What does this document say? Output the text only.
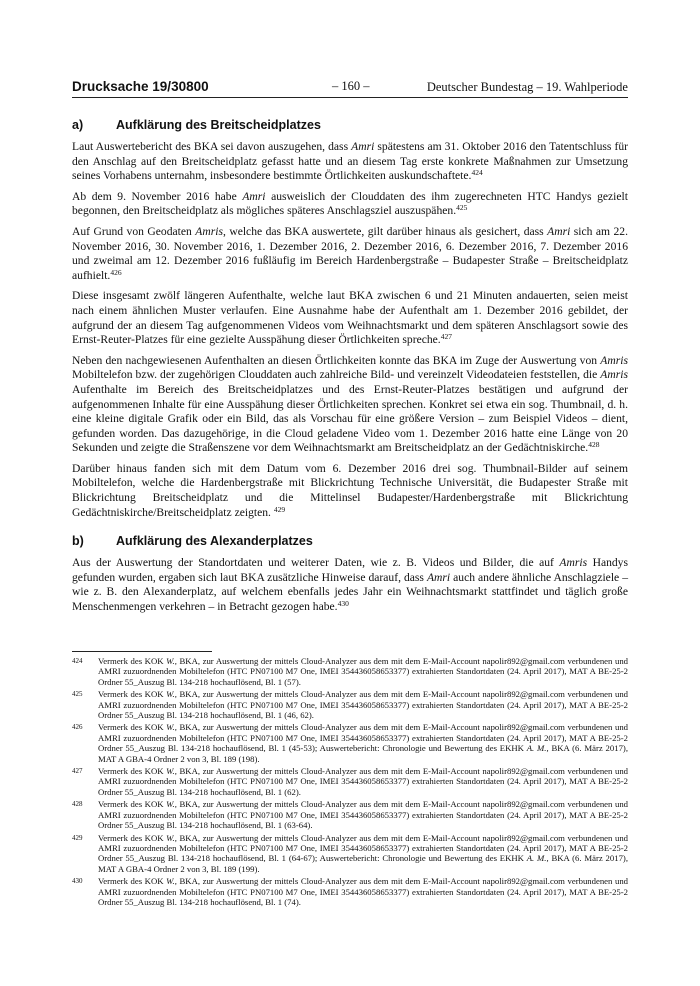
Drucksache 19/30800	– 160 –	Deutscher Bundestag – 19. Wahlperiode
a)	Aufklärung des Breitscheidplatzes

Laut Auswertebericht des BKA sei davon auszugehen, dass Amri spätestens am 31. Oktober 2016 den Tatentschluss für den Anschlag auf den Breitscheidplatz gefasst hatte und an diesem Tag erste konkrete Maßnahmen zur Umsetzung seines Vorhabens unternahm, insbesondere bestimmte Örtlichkeiten auskundschaftete.$^{424}$

Ab dem 9. November 2016 habe Amri ausweislich der Clouddaten des ihm zugerechneten HTC Handys gezielt begonnen, den Breitscheidplatz als mögliches späteres Anschlagsziel auszuspähen.$^{425}$

Auf Grund von Geodaten Amris, welche das BKA auswertete, gilt darüber hinaus als gesichert, dass Amri sich am 22. November 2016, 30. November 2016, 1. Dezember 2016, 2. Dezember 2016, 6. Dezember 2016, 7. Dezember 2016 und zweimal am 12. Dezember 2016 fußläufig im Bereich Hardenbergstraße – Budapester Straße – Breitscheidplatz aufhielt.$^{426}$

Diese insgesamt zwölf längeren Aufenthalte, welche laut BKA zwischen 6 und 21 Minuten andauerten, seien meist nach einem ähnlichen Muster verlaufen. Eine Ausnahme habe der Aufenthalt am 1. Dezember 2016 gebildet, der aufgrund der an diesem Tag aufgenommenen Videos vom Weihnachtsmarkt und dem späteren Anschlagsort sowie des Ernst-Reuter-Platzes für eine gezielte Ausspähung dieser Örtlichkeiten spreche.$^{427}$

Neben den nachgewiesenen Aufenthalten an diesen Örtlichkeiten konnte das BKA im Zuge der Auswertung von Amris Mobiltelefon bzw. der zugehörigen Clouddaten auch zahlreiche Bild- und vereinzelt Videodateien feststellen, die Amris Aufenthalte im Bereich des Breitscheidplatzes und des Ernst-Reuter-Platzes bestätigen und aufgrund der aufgenommenen Inhalte für eine Ausspähung dieser Örtlichkeiten sprechen. Konkret sei etwa ein sog. Thumbnail, d. h. eine kleine digitale Grafik oder ein Bild, das als Vorschau für eine größere Version – zum Beispiel Videos – dient, gefunden worden. Das dazugehörige, in die Cloud geladene Video vom 1. Dezember 2016 hatte eine Länge von 20 Sekunden und zeigte die Straßenszene vor dem Weihnachtsmarkt am Breitscheidplatz an der Gedächtniskirche.$^{428}$

Darüber hinaus fanden sich mit dem Datum vom 6. Dezember 2016 drei sog. Thumbnail-Bilder auf seinem Mobiltelefon, welche die Hardenbergstraße mit Blickrichtung Technische Universität, die Budapester Straße mit Blickrichtung Breitscheidplatz und die Mittelinsel Budapester/Hardenbergstraße mit Blickrichtung Gedächtniskirche/Breitscheidplatz zeigten. $^{429}$

b)	Aufklärung des Alexanderplatzes

Aus der Auswertung der Standortdaten und weiterer Daten, wie z. B. Videos und Bilder, die auf Amris Handys gefunden wurden, ergaben sich laut BKA zusätzliche Hinweise darauf, dass Amri auch andere ähnliche Anschlagziele – wie z. B. den Alexanderplatz, auf welchem ebenfalls jedes Jahr ein Weihnachtsmarkt stattfindet und täglich große Menschenmengen verkehren – in Betracht gezogen habe.$^{430}$

424	Vermerk des KOK W., BKA, zur Auswertung der mittels Cloud-Analyzer aus dem mit dem E-Mail-Account napolir892@gmail.com verbundenen und AMRI zuzuordnenden Mobiltelefon (HTC PN07100 M7 One, IMEI 354436058653377) extrahierten Standortdaten (24. April 2017), MAT A BE-25-2 Ordner 55_Auszug Bl. 134-218 hochauflösend, Bl. 1 (57).
425	Vermerk des KOK W., BKA, zur Auswertung der mittels Cloud-Analyzer aus dem mit dem E-Mail-Account napolir892@gmail.com verbundenen und AMRI zuzuordnenden Mobiltelefon (HTC PN07100 M7 One, IMEI 354436058653377) extrahierten Standortdaten (24. April 2017), MAT A BE-25-2 Ordner 55_Auszug Bl. 134-218 hochauflösend, Bl. 1 (46, 62).
426	Vermerk des KOK W., BKA, zur Auswertung der mittels Cloud-Analyzer aus dem mit dem E-Mail-Account napolir892@gmail.com verbundenen und AMRI zuzuordnenden Mobiltelefon (HTC PN07100 M7 One, IMEI 354436058653377) extrahierten Standortdaten (24. April 2017), MAT A BE-25-2 Ordner 55_Auszug Bl. 134-218 hochauflösend, Bl. 1 (45-53); Auswertebericht: Chronologie und Bewertung des EKHK A. M., BKA (6. März 2017), MAT A GBA-4 Ordner 2 von 3, Bl. 189 (198).
427	Vermerk des KOK W., BKA, zur Auswertung der mittels Cloud-Analyzer aus dem mit dem E-Mail-Account napolir892@gmail.com verbundenen und AMRI zuzuordnenden Mobiltelefon (HTC PN07100 M7 One, IMEI 354436058653377) extrahierten Standortdaten (24. April 2017), MAT A BE-25-2 Ordner 55_Auszug Bl. 134-218 hochauflösend, Bl. 1 (62).
428	Vermerk des KOK W., BKA, zur Auswertung der mittels Cloud-Analyzer aus dem mit dem E-Mail-Account napolir892@gmail.com verbundenen und AMRI zuzuordnenden Mobiltelefon (HTC PN07100 M7 One, IMEI 354436058653377) extrahierten Standortdaten (24. April 2017), MAT A BE-25-2 Ordner 55_Auszug Bl. 134-218 hochauflösend, Bl. 1 (63-64).
429	Vermerk des KOK W., BKA, zur Auswertung der mittels Cloud-Analyzer aus dem mit dem E-Mail-Account napolir892@gmail.com verbundenen und AMRI zuzuordnenden Mobiltelefon (HTC PN07100 M7 One, IMEI 354436058653377) extrahierten Standortdaten (24. April 2017), MAT A BE-25-2 Ordner 55_Auszug Bl. 134-218 hochauflösend, Bl. 1 (64-67); Auswertebericht: Chronologie und Bewertung des EKHK A. M., BKA (6. März 2017), MAT A GBA-4 Ordner 2 von 3, Bl. 189 (199).
430	Vermerk des KOK W., BKA, zur Auswertung der mittels Cloud-Analyzer aus dem mit dem E-Mail-Account napolir892@gmail.com verbundenen und AMRI zuzuordnenden Mobiltelefon (HTC PN07100 M7 One, IMEI 354436058653377) extrahierten Standortdaten (24. April 2017), MAT A BE-25-2 Ordner 55_Auszug Bl. 134-218 hochauflösend, Bl. 1 (74).
